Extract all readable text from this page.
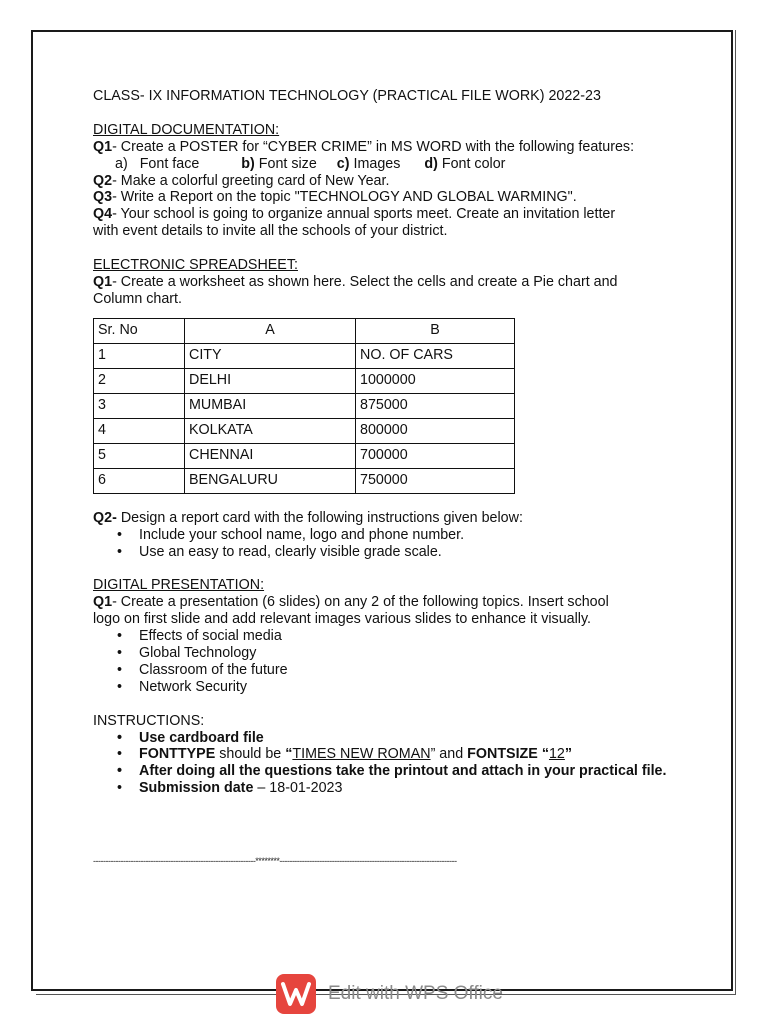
CLASS- IX INFORMATION TECHNOLOGY (PRACTICAL FILE WORK) 2022-23
DIGITAL DOCUMENTATION:
Q1- Create a POSTER for “CYBER CRIME” in MS WORD with the following features:
a) Font face	b) Font size c) Images d) Font color
Q2- Make a colorful greeting card of New Year.
Q3- Write a Report on the topic "TECHNOLOGY AND GLOBAL WARMING".
Q4- Your school is going to organize annual sports meet. Create an invitation letter
with event details to invite all the schools of your district.
ELECTRONIC SPREADSHEET:
Q1- Create a worksheet as shown here. Select the cells and create a Pie chart and
Column chart.
Sr. No	A	B
1	CITY	NO. OF CARS
2	DELHI	1000000
3	MUMBAI	875000
4	KOLKATA	800000
5	CHENNAI	700000
6	BENGALURU	750000
Q2- Design a report card with the following instructions given below:
• Include your school name, logo and phone number.
• Use an easy to read, clearly visible grade scale.
DIGITAL PRESENTATION:
Q1- Create a presentation (6 slides) on any 2 of the following topics. Insert school
logo on first slide and add relevant images various slides to enhance it visually.
• Effects of social media
• Global Technology
• Classroom of the future
• Network Security
INSTRUCTIONS:
• Use cardboard file
• FONTTYPE should be “TIMES NEW ROMAN” and FONTSIZE “12”
• After doing all the questions take the printout and attach in your practical file.
• Submission date – 18-01-2023
-----------------------------------------------------------------********-----------------------------------------------------------------------
Edit with WPS Office
